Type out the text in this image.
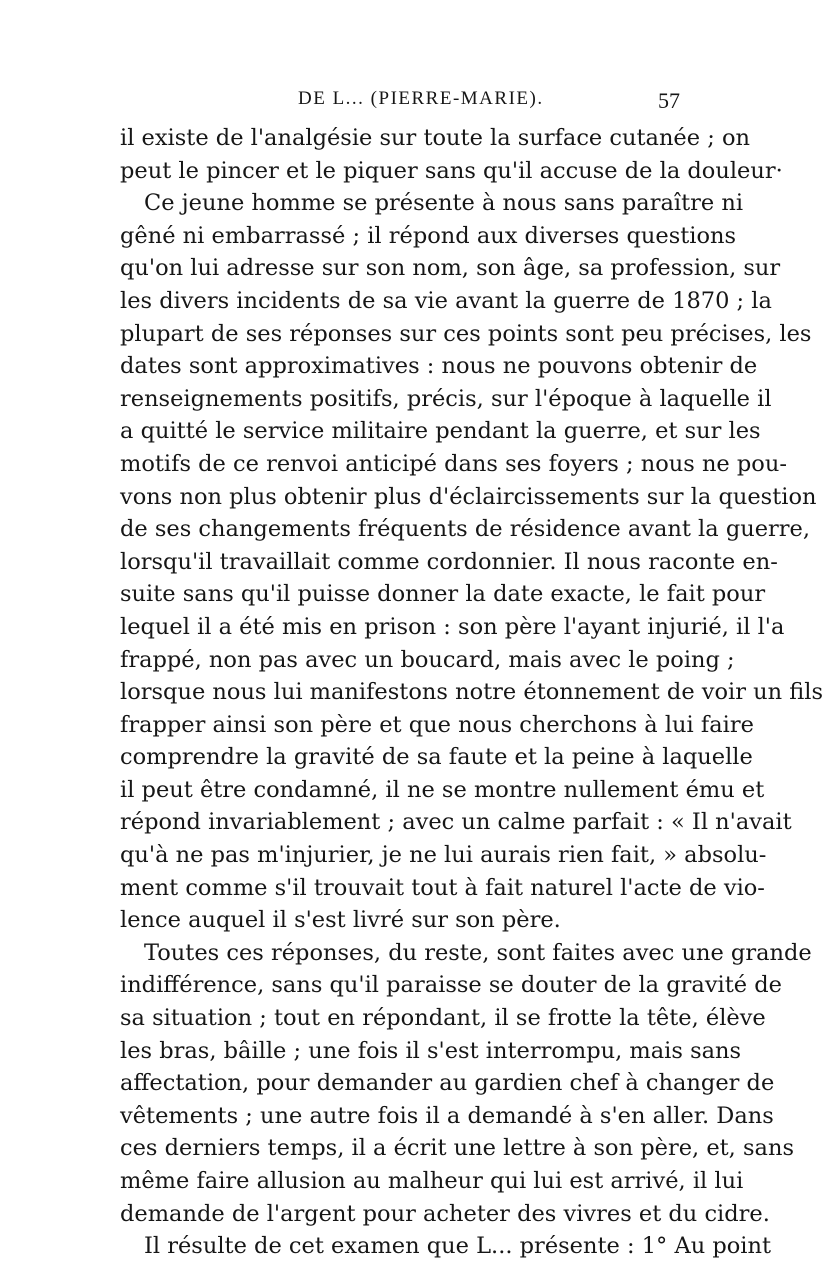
DE L... (PIERRE-MARIE).	57
il existe de l'analgésie sur toute la surface cutanée ; on
peut le pincer et le piquer sans qu'il accuse de la douleur·
Ce jeune homme se présente à nous sans paraître ni
gêné ni embarrassé ; il répond aux diverses questions
qu'on lui adresse sur son nom, son âge, sa profession, sur
les divers incidents de sa vie avant la guerre de 1870 ; la
plupart de ses réponses sur ces points sont peu précises, les
dates sont approximatives : nous ne pouvons obtenir de
renseignements positifs, précis, sur l'époque à laquelle il
a quitté le service militaire pendant la guerre, et sur les
motifs de ce renvoi anticipé dans ses foyers ; nous ne pou-
vons non plus obtenir plus d'éclaircissements sur la question
de ses changements fréquents de résidence avant la guerre,
lorsqu'il travaillait comme cordonnier. Il nous raconte en-
suite sans qu'il puisse donner la date exacte, le fait pour
lequel il a été mis en prison : son père l'ayant injurié, il l'a
frappé, non pas avec un boucard, mais avec le poing ;
lorsque nous lui manifestons notre étonnement de voir un fils
frapper ainsi son père et que nous cherchons à lui faire
comprendre la gravité de sa faute et la peine à laquelle
il peut être condamné, il ne se montre nullement ému et
répond invariablement ; avec un calme parfait : « Il n'avait
qu'à ne pas m'injurier, je ne lui aurais rien fait, » absolu-
ment comme s'il trouvait tout à fait naturel l'acte de vio-
lence auquel il s'est livré sur son père.
Toutes ces réponses, du reste, sont faites avec une grande
indifférence, sans qu'il paraisse se douter de la gravité de
sa situation ; tout en répondant, il se frotte la tête, élève
les bras, bâille ; une fois il s'est interrompu, mais sans
affectation, pour demander au gardien chef à changer de
vêtements ; une autre fois il a demandé à s'en aller. Dans
ces derniers temps, il a écrit une lettre à son père, et, sans
même faire allusion au malheur qui lui est arrivé, il lui
demande de l'argent pour acheter des vivres et du cidre.
Il résulte de cet examen que L... présente : 1° Au point
